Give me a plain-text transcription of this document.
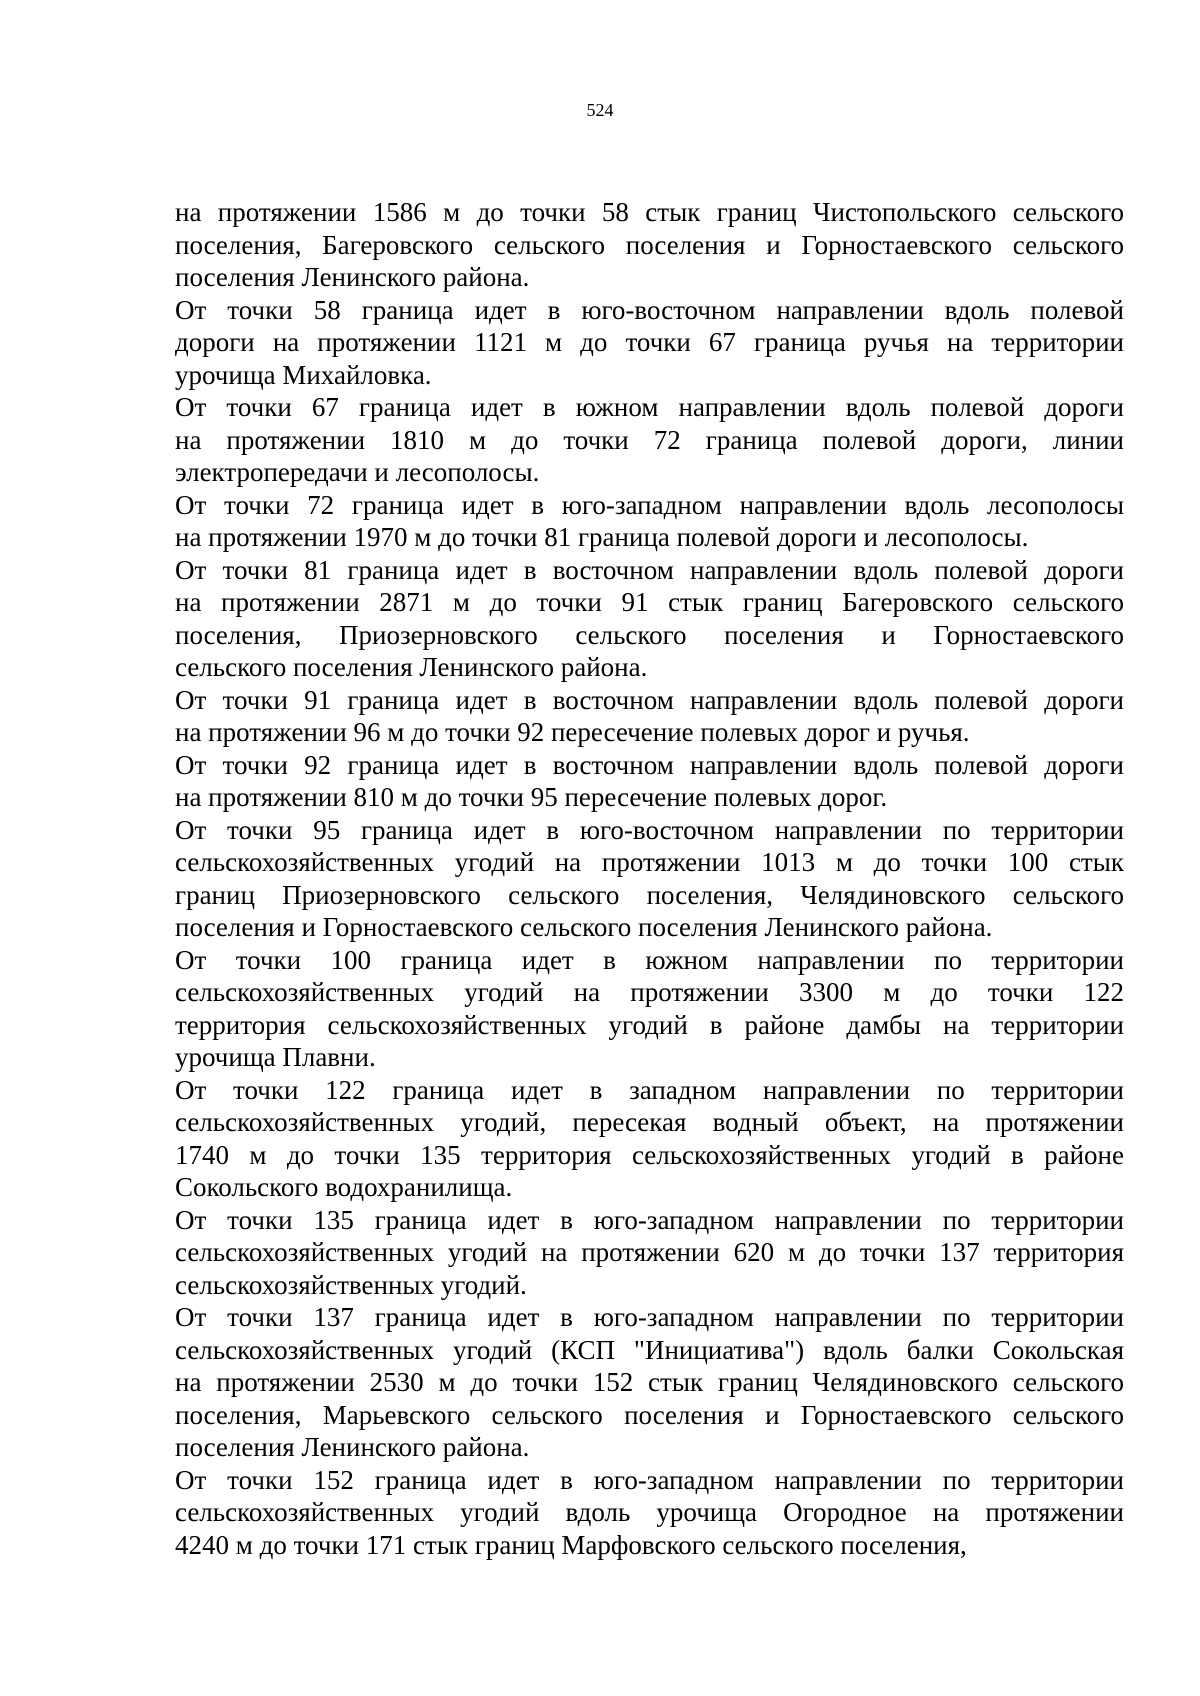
524
на протяжении 1586 м до точки 58 стык границ Чистопольского сельского
поселения, Багеровского сельского поселения и Горностаевского сельского
поселения Ленинского района.
От точки 58 граница идет в юго-восточном направлении вдоль полевой
дороги на протяжении 1121 м до точки 67 граница ручья на территории
урочища Михайловка.
От точки 67 граница идет в южном направлении вдоль полевой дороги
на протяжении 1810 м до точки 72 граница полевой дороги, линии
электропередачи и лесополосы.
От точки 72 граница идет в юго-западном направлении вдоль лесополосы
на протяжении 1970 м до точки 81 граница полевой дороги и лесополосы.
От точки 81 граница идет в восточном направлении вдоль полевой дороги
на протяжении 2871 м до точки 91 стык границ Багеровского сельского
поселения, Приозерновского сельского поселения и Горностаевского
сельского поселения Ленинского района.
От точки 91 граница идет в восточном направлении вдоль полевой дороги
на протяжении 96 м до точки 92 пересечение полевых дорог и ручья.
От точки 92 граница идет в восточном направлении вдоль полевой дороги
на протяжении 810 м до точки 95 пересечение полевых дорог.
От точки 95 граница идет в юго-восточном направлении по территории
сельскохозяйственных угодий на протяжении 1013 м до точки 100 стык
границ Приозерновского сельского поселения, Челядиновского сельского
поселения и Горностаевского сельского поселения Ленинского района.
От точки 100 граница идет в южном направлении по территории
сельскохозяйственных угодий на протяжении 3300 м до точки 122
территория сельскохозяйственных угодий в районе дамбы на территории
урочища Плавни.
От точки 122 граница идет в западном направлении по территории
сельскохозяйственных угодий, пересекая водный объект, на протяжении
1740 м до точки 135 территория сельскохозяйственных угодий в районе
Сокольского водохранилища.
От точки 135 граница идет в юго-западном направлении по территории
сельскохозяйственных угодий на протяжении 620 м до точки 137 территория
сельскохозяйственных угодий.
От точки 137 граница идет в юго-западном направлении по территории
сельскохозяйственных угодий (КСП "Инициатива") вдоль балки Сокольская
на протяжении 2530 м до точки 152 стык границ Челядиновского сельского
поселения, Марьевского сельского поселения и Горностаевского сельского
поселения Ленинского района.
От точки 152 граница идет в юго-западном направлении по территории
сельскохозяйственных угодий вдоль урочища Огородное на протяжении
4240 м до точки 171 стык границ Марфовского сельского поселения,
